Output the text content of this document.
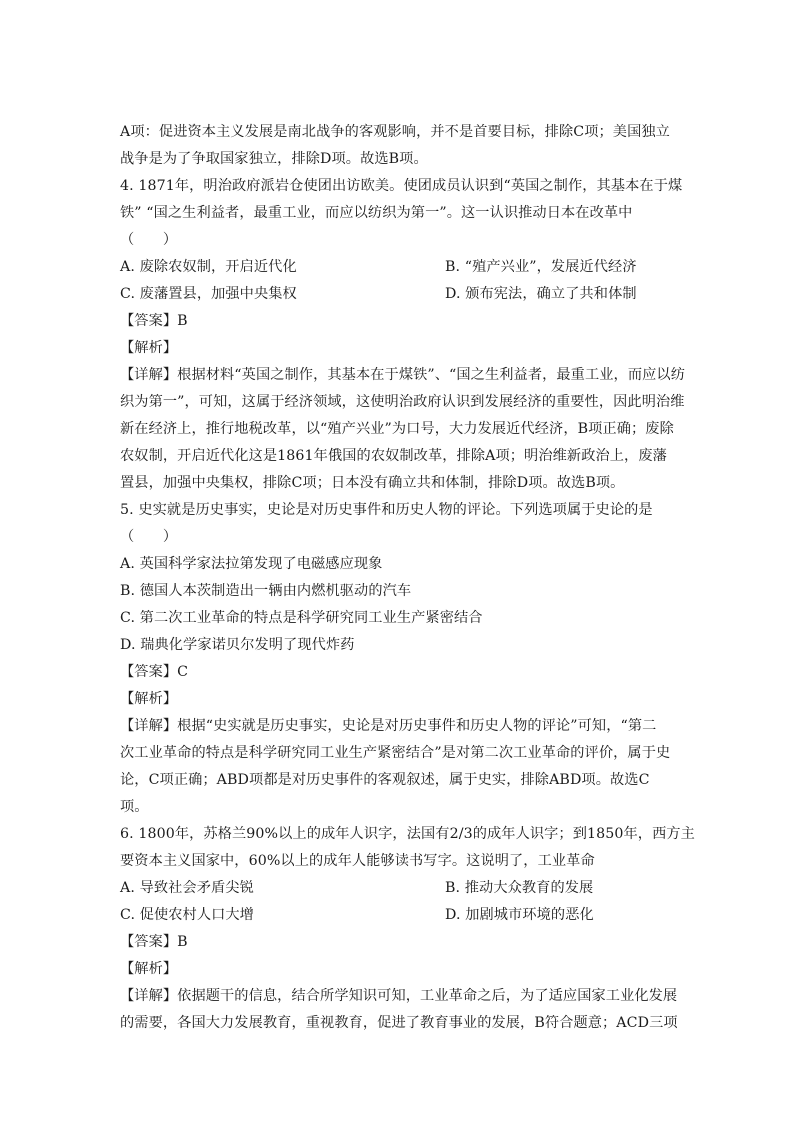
A项：促进资本主义发展是南北战争的客观影响，并不是首要目标，排除C项；美国独立
战争是为了争取国家独立，排除D项。故选B项。
4. 1871年，明治政府派岩仓使团出访欧美。使团成员认识到“英国之制作，其基本在于煤
铁” “国之生利益者，最重工业，而应以纺织为第一”。这一认识推动日本在改革中
（　　）
A. 废除农奴制，开启近代化	B. “殖产兴业”，发展近代经济
C. 废藩置县，加强中央集权	D. 颁布宪法，确立了共和体制
【答案】B
【解析】
【详解】根据材料“英国之制作，其基本在于煤铁”、“国之生利益者，最重工业，而应以纺
织为第一”，可知，这属于经济领域，这使明治政府认识到发展经济的重要性，因此明治维
新在经济上，推行地税改革，以“殖产兴业”为口号，大力发展近代经济，B项正确；废除
农奴制，开启近代化这是1861年俄国的农奴制改革，排除A项；明治维新政治上，废藩
置县，加强中央集权，排除C项；日本没有确立共和体制，排除D项。故选B项。
5. 史实就是历史事实，史论是对历史事件和历史人物的评论。下列选项属于史论的是
（　　）
A. 英国科学家法拉第发现了电磁感应现象
B. 德国人本茨制造出一辆由内燃机驱动的汽车
C. 第二次工业革命的特点是科学研究同工业生产紧密结合
D. 瑞典化学家诺贝尔发明了现代炸药
【答案】C
【解析】
【详解】根据“史实就是历史事实，史论是对历史事件和历史人物的评论”可知，“第二
次工业革命的特点是科学研究同工业生产紧密结合”是对第二次工业革命的评价，属于史
论，C项正确；ABD项都是对历史事件的客观叙述，属于史实，排除ABD项。故选C
项。
6. 1800年，苏格兰90%以上的成年人识字，法国有2/3的成年人识字；到1850年，西方主
要资本主义国家中，60%以上的成年人能够读书写字。这说明了，工业革命
A. 导致社会矛盾尖锐	B. 推动大众教育的发展
C. 促使农村人口大增	D. 加剧城市环境的恶化
【答案】B
【解析】
【详解】依据题干的信息，结合所学知识可知，工业革命之后，为了适应国家工业化发展
的需要，各国大力发展教育，重视教育，促进了教育事业的发展，B符合题意；ACD三项
